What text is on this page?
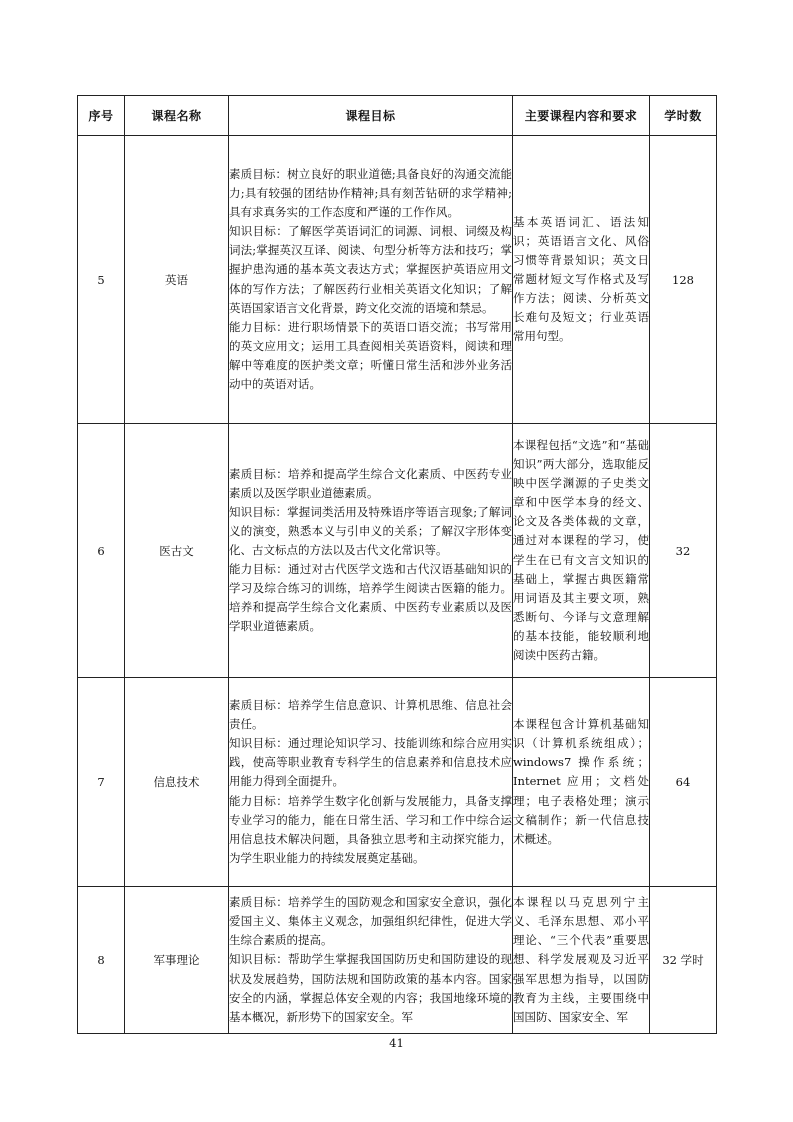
序号	课程名称	课程目标	主要课程内容和要求	学时数
5	英语	素质目标：树立良好的职业道德;具备良好的沟通交流能力;具有较强的团结协作精神;具有刻苦钻研的求学精神;具有求真务实的工作态度和严谨的工作作风。

知识目标：了解医学英语词汇的词源、词根、词缀及构词法;掌握英汉互译、阅读、句型分析等方法和技巧；掌握护患沟通的基本英文表达方式；掌握医护英语应用文体的写作方法；了解医药行业相关英语文化知识；了解英语国家语言文化背景，跨文化交流的语境和禁忌。

能力目标：进行职场情景下的英语口语交流；书写常用的英文应用文；运用工具查阅相关英语资料，阅读和理解中等难度的医护类文章；听懂日常生活和涉外业务活动中的英语对话。	基本英语词汇、语法知识；英语语言文化、风俗习惯等背景知识；英文日常题材短文写作格式及写作方法；阅读、分析英文长难句及短文；行业英语常用句型。	128
6	医古文	素质目标：培养和提高学生综合文化素质、中医药专业素质以及医学职业道德素质。

知识目标：掌握词类活用及特殊语序等语言现象;了解词义的演变，熟悉本义与引申义的关系；了解汉字形体变化、古文标点的方法以及古代文化常识等。

能力目标：通过对古代医学文选和古代汉语基础知识的学习及综合练习的训练，培养学生阅读古医籍的能力。培养和提高学生综合文化素质、中医药专业素质以及医学职业道德素质。	本课程包括“文选”和“基础知识”两大部分，选取能反映中医学渊源的子史类文章和中医学本身的经文、论文及各类体裁的文章，通过对本课程的学习，使学生在已有文言文知识的基础上，掌握古典医籍常用词语及其主要文项，熟悉断句、今译与文意理解的基本技能，能较顺利地阅读中医药古籍。	32
7	信息技术	素质目标：培养学生信息意识、计算机思维、信息社会责任。

知识目标：通过理论知识学习、技能训练和综合应用实践，使高等职业教育专科学生的信息素养和信息技术应用能力得到全面提升。

能力目标：培养学生数字化创新与发展能力，具备支撑专业学习的能力，能在日常生活、学习和工作中综合运用信息技术解决问题，具备独立思考和主动探究能力，为学生职业能力的持续发展奠定基础。	本课程包含计算机基础知识（计算机系统组成）；windows7 操作系统；Internet 应用；文档处理；电子表格处理；演示文稿制作；新一代信息技术概述。	64
8	军事理论	素质目标：培养学生的国防观念和国家安全意识，强化爱国主义、集体主义观念，加强组织纪律性，促进大学生综合素质的提高。

知识目标：帮助学生掌握我国国防历史和国防建设的现状及发展趋势，国防法规和国防政策的基本内容。国家安全的内涵，掌握总体安全观的内容；我国地缘环境的基本概况，新形势下的国家安全。军	本课程以马克思列宁主义、毛泽东思想、邓小平理论、“三个代表”重要思想、科学发展观及习近平强军思想为指导，以国防教育为主线，主要围绕中国国防、国家安全、军	32 学时
41
